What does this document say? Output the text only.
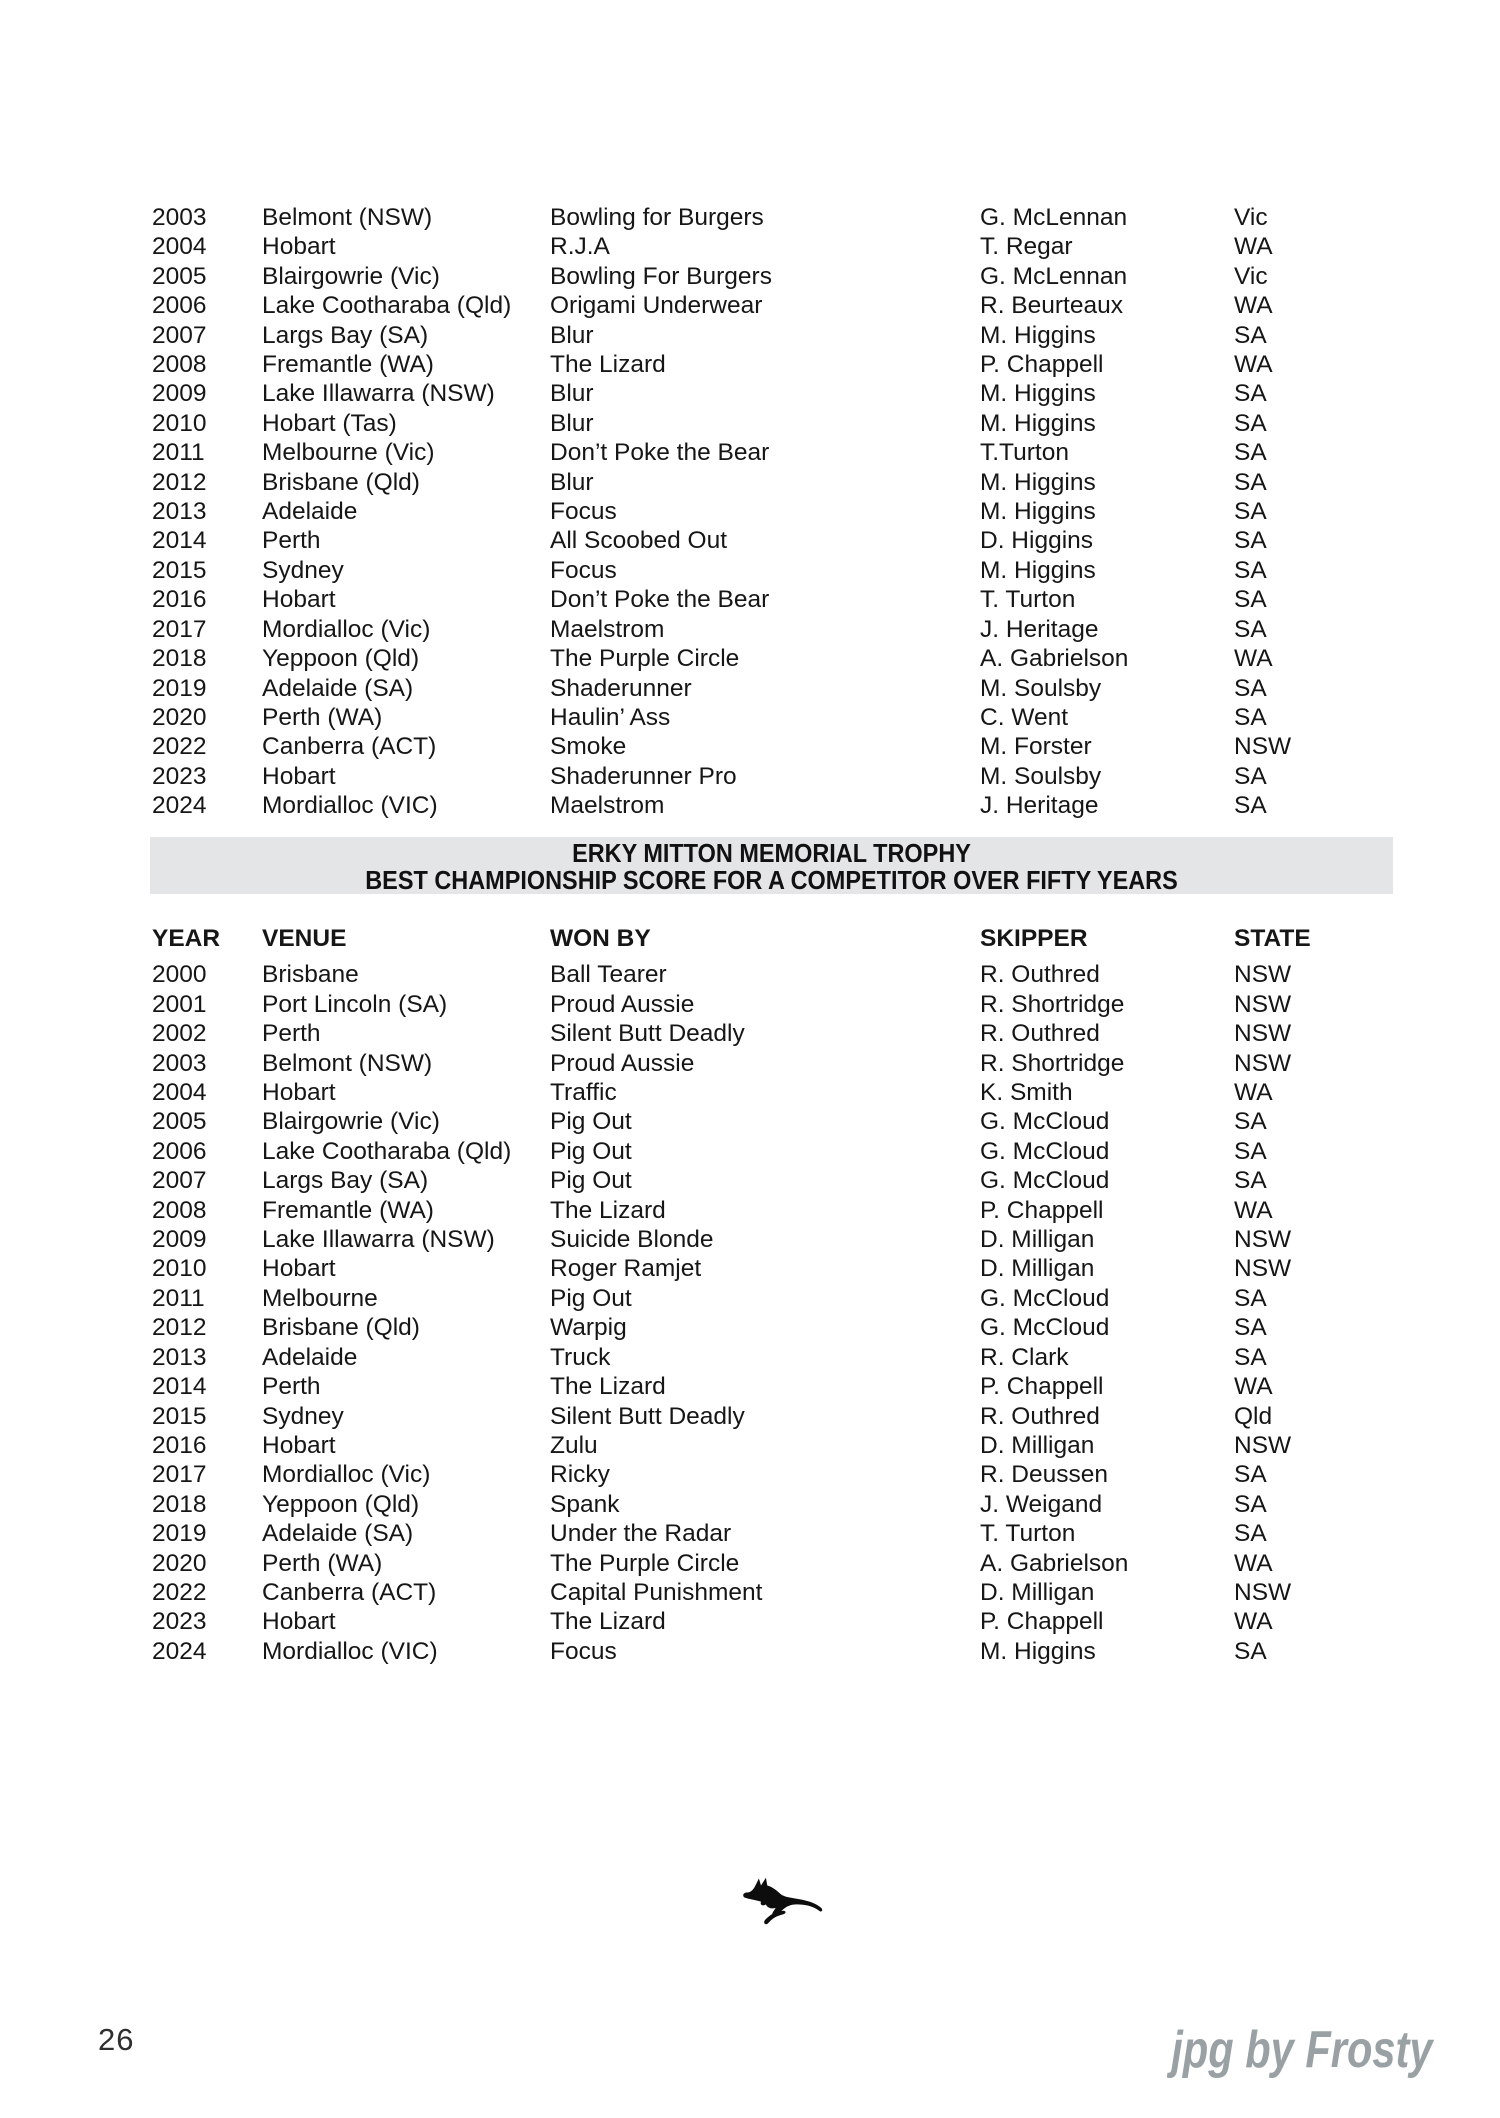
2003	Belmont (NSW)	Bowling for Burgers	G. McLennan	Vic
2004	Hobart	R.J.A	T. Regar	WA
2005	Blairgowrie (Vic)	Bowling For Burgers	G. McLennan	Vic
2006	Lake Cootharaba (Qld)	Origami Underwear	R. Beurteaux	WA
2007	Largs Bay (SA)	Blur	M. Higgins	SA
2008	Fremantle (WA)	The Lizard	P. Chappell	WA
2009	Lake Illawarra (NSW)	Blur	M. Higgins	SA
2010	Hobart (Tas)	Blur	M. Higgins	SA
2011	Melbourne (Vic)	Don’t Poke the Bear	T.Turton	SA
2012	Brisbane (Qld)	Blur	M. Higgins	SA
2013	Adelaide	Focus	M. Higgins	SA
2014	Perth	All Scoobed Out	D. Higgins	SA
2015	Sydney	Focus	M. Higgins	SA
2016	Hobart	Don’t Poke the Bear	T. Turton	SA
2017	Mordialloc (Vic)	Maelstrom	J. Heritage	SA
2018	Yeppoon (Qld)	The Purple Circle	A. Gabrielson	WA
2019	Adelaide (SA)	Shaderunner	M. Soulsby	SA
2020	Perth (WA)	Haulin’ Ass	C. Went	SA
2022	Canberra (ACT)	Smoke	M. Forster	NSW
2023	Hobart	Shaderunner Pro	M. Soulsby	SA
2024	Mordialloc (VIC)	Maelstrom	J. Heritage	SA
ERKY MITTON MEMORIAL TROPHY
BEST CHAMPIONSHIP SCORE FOR A COMPETITOR OVER FIFTY YEARS
YEAR	VENUE	WON BY	SKIPPER	STATE
2000	Brisbane	Ball Tearer	R. Outhred	NSW
2001	Port Lincoln (SA)	Proud Aussie	R. Shortridge	NSW
2002	Perth	Silent Butt Deadly	R. Outhred	NSW
2003	Belmont (NSW)	Proud Aussie	R. Shortridge	NSW
2004	Hobart	Traffic	K. Smith	WA
2005	Blairgowrie (Vic)	Pig Out	G. McCloud	SA
2006	Lake Cootharaba (Qld)	Pig Out	G. McCloud	SA
2007	Largs Bay (SA)	Pig Out	G. McCloud	SA
2008	Fremantle (WA)	The Lizard	P. Chappell	WA
2009	Lake Illawarra (NSW)	Suicide Blonde	D. Milligan	NSW
2010	Hobart	Roger Ramjet	D. Milligan	NSW
2011	Melbourne	Pig Out	G. McCloud	SA
2012	Brisbane (Qld)	Warpig	G. McCloud	SA
2013	Adelaide	Truck	R. Clark	SA
2014	Perth	The Lizard	P. Chappell	WA
2015	Sydney	Silent Butt Deadly	R. Outhred	Qld
2016	Hobart	Zulu	D. Milligan	NSW
2017	Mordialloc (Vic)	Ricky	R. Deussen	SA
2018	Yeppoon (Qld)	Spank	J. Weigand	SA
2019	Adelaide (SA)	Under the Radar	T. Turton	SA
2020	Perth (WA)	The Purple Circle	A. Gabrielson	WA
2022	Canberra (ACT)	Capital Punishment	D. Milligan	NSW
2023	Hobart	The Lizard	P. Chappell	WA
2024	Mordialloc (VIC)	Focus	M. Higgins	SA
26	jpg by Frosty
